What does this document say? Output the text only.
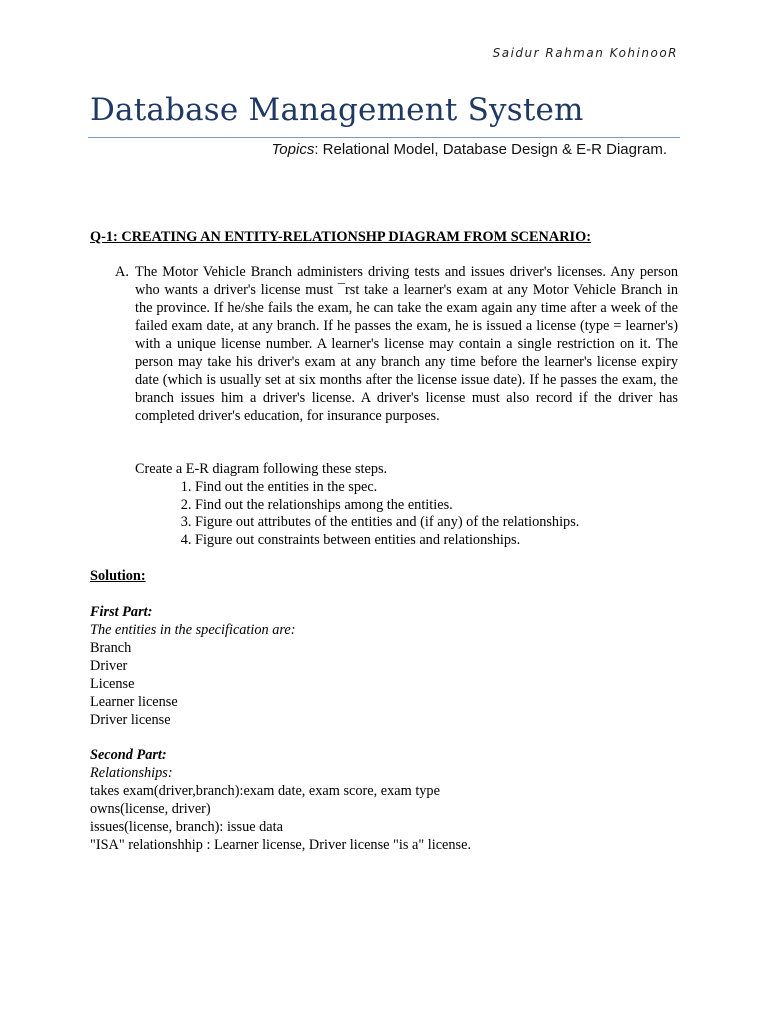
Saidur Rahman KohinooR
Database Management System
Topics: Relational Model, Database Design & E-R Diagram.
Q-1: CREATING AN ENTITY-RELATIONSHP DIAGRAM FROM SCENARIO:
A. The Motor Vehicle Branch administers driving tests and issues driver's licenses. Any person who wants a driver's license must ¯rst take a learner's exam at any Motor Vehicle Branch in the province. If he/she fails the exam, he can take the exam again any time after a week of the failed exam date, at any branch. If he passes the exam, he is issued a license (type = learner's) with a unique license number. A learner's license may contain a single restriction on it. The person may take his driver's exam at any branch any time before the learner's license expiry date (which is usually set at six months after the license issue date). If he passes the exam, the branch issues him a driver's license. A driver's license must also record if the driver has completed driver's education, for insurance purposes.
Create a E-R diagram following these steps.
1. Find out the entities in the spec.
2. Find out the relationships among the entities.
3. Figure out attributes of the entities and (if any) of the relationships.
4. Figure out constraints between entities and relationships.
Solution:
First Part:
The entities in the specification are:
Branch
Driver
License
Learner license
Driver license
Second Part:
Relationships:
takes exam(driver,branch):exam date, exam score, exam type
owns(license, driver)
issues(license, branch): issue data
"ISA" relationshhip : Learner license, Driver license "is a" license.
